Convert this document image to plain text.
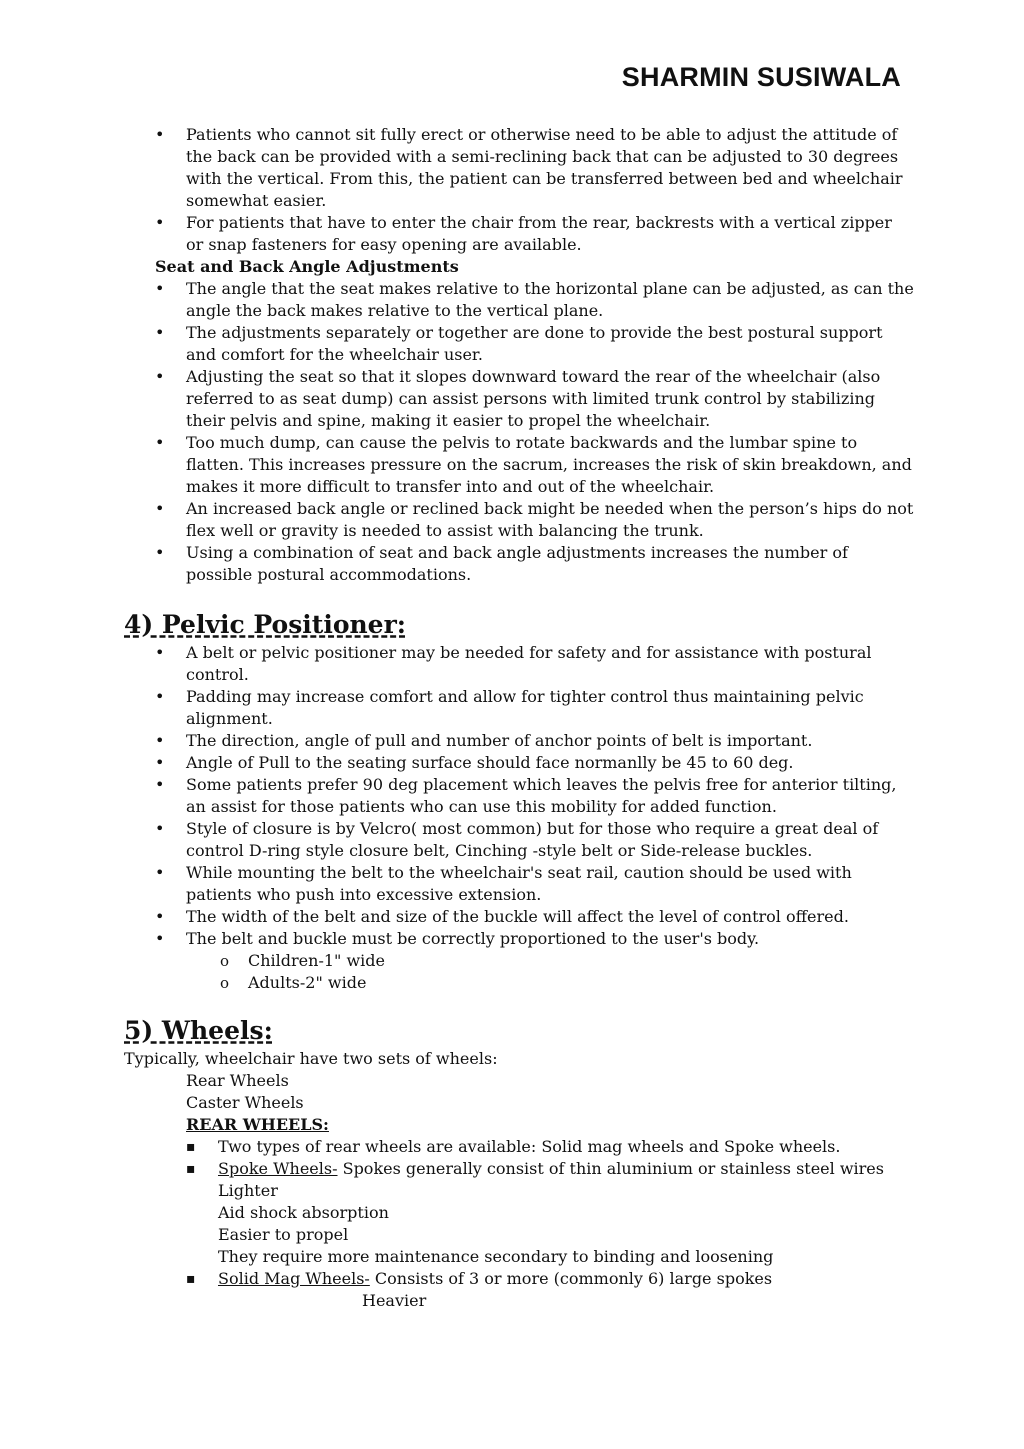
SHARMIN SUSIWALA
• Patients who cannot sit fully erect or otherwise need to be able to adjust the attitude of the back can be provided with a semi-reclining back that can be adjusted to 30 degrees with the vertical. From this, the patient can be transferred between bed and wheelchair somewhat easier.
• For patients that have to enter the chair from the rear, backrests with a vertical zipper or snap fasteners for easy opening are available.
Seat and Back Angle Adjustments
• The angle that the seat makes relative to the horizontal plane can be adjusted, as can the angle the back makes relative to the vertical plane.
• The adjustments separately or together are done to provide the best postural support and comfort for the wheelchair user.
• Adjusting the seat so that it slopes downward toward the rear of the wheelchair (also referred to as seat dump) can assist persons with limited trunk control by stabilizing their pelvis and spine, making it easier to propel the wheelchair.
• Too much dump, can cause the pelvis to rotate backwards and the lumbar spine to flatten. This increases pressure on the sacrum, increases the risk of skin breakdown, and makes it more difficult to transfer into and out of the wheelchair.
• An increased back angle or reclined back might be needed when the person’s hips do not flex well or gravity is needed to assist with balancing the trunk.
• Using a combination of seat and back angle adjustments increases the number of possible postural accommodations.
4) Pelvic Positioner:
• A belt or pelvic positioner may be needed for safety and for assistance with postural control.
• Padding may increase comfort and allow for tighter control thus maintaining pelvic alignment.
• The direction, angle of pull and number of anchor points of belt is important.
• Angle of Pull to the seating surface should face normanlly be 45 to 60 deg.
• Some patients prefer 90 deg placement which leaves the pelvis free for anterior tilting, an assist for those patients who can use this mobility for added function.
• Style of closure is by Velcro( most common) but for those who require a great deal of control D-ring style closure belt, Cinching -style belt or Side-release buckles.
• While mounting the belt to the wheelchair's seat rail, caution should be used with patients who push into excessive extension.
• The width of the belt and size of the buckle will affect the level of control offered.
• The belt and buckle must be correctly proportioned to the user's body.
o Children-1" wide
o Adults-2" wide
5) Wheels:
Typically, wheelchair have two sets of wheels:
Rear Wheels
Caster Wheels
REAR WHEELS:
▪ Two types of rear wheels are available: Solid mag wheels and Spoke wheels.
▪ Spoke Wheels- Spokes generally consist of thin aluminium or stainless steel wires
Lighter
Aid shock absorption
Easier to propel
They require more maintenance secondary to binding and loosening
▪ Solid Mag Wheels- Consists of 3 or more (commonly 6) large spokes
Heavier
